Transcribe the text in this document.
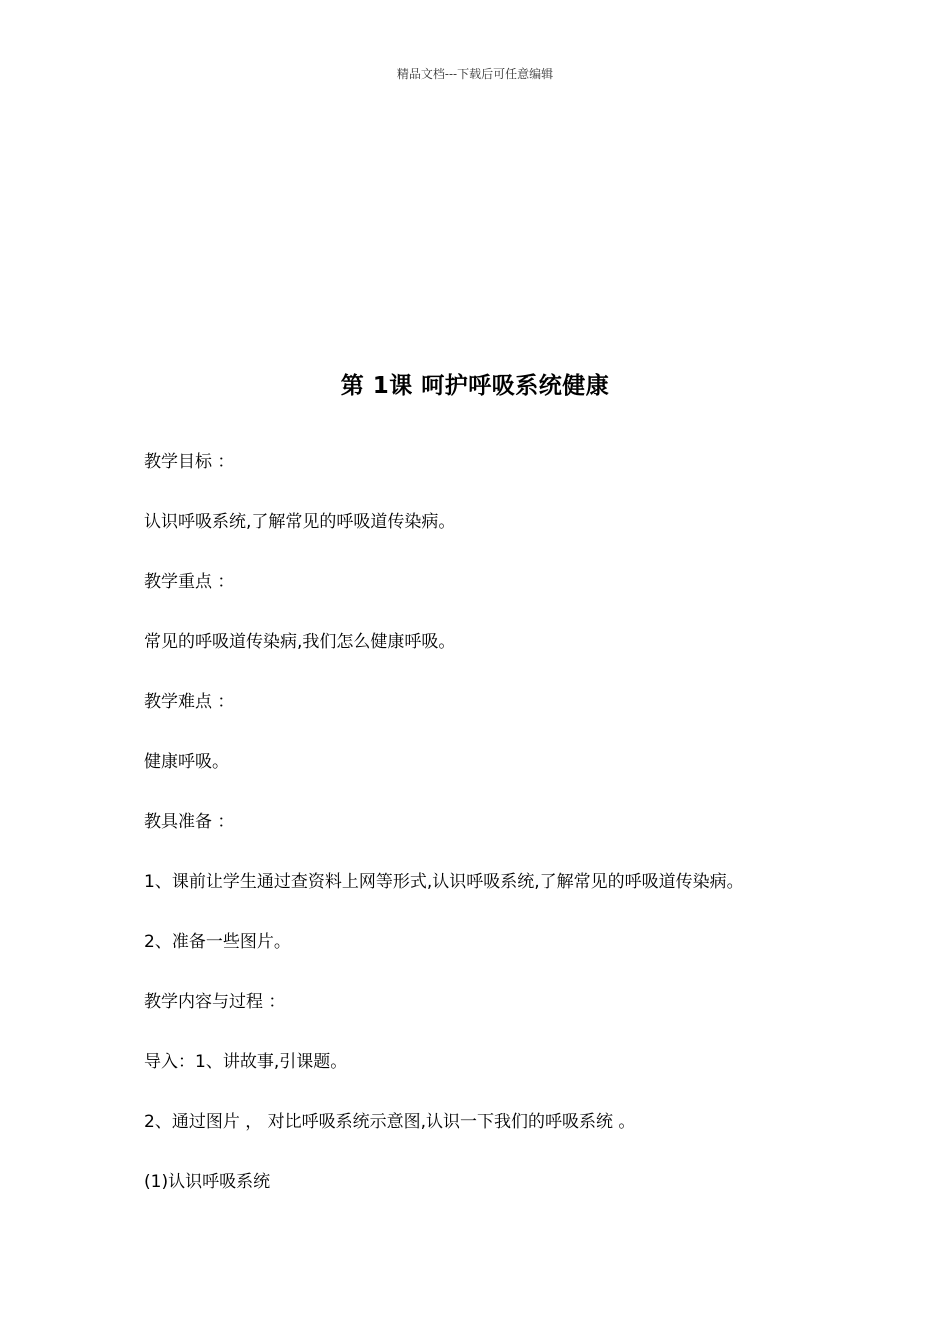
精品文档---下载后可任意编辑
第 1课 呵护呼吸系统健康
教学目标 ：
认识呼吸系统,了解常见的呼吸道传染病。
教学重点 ：
常见的呼吸道传染病,我们怎么健康呼吸。
教学难点 ：
健康呼吸。
教具准备 ：
1、课前让学生通过查资料上网等形式,认识呼吸系统,了解常见的呼吸道传染病。
2、准备一些图片。
教学内容与过程 ：
导入：1、讲故事,引课题。
2、通过图片 ， 对比呼吸系统示意图,认识一下我们的呼吸系统 。
(1)认识呼吸系统
